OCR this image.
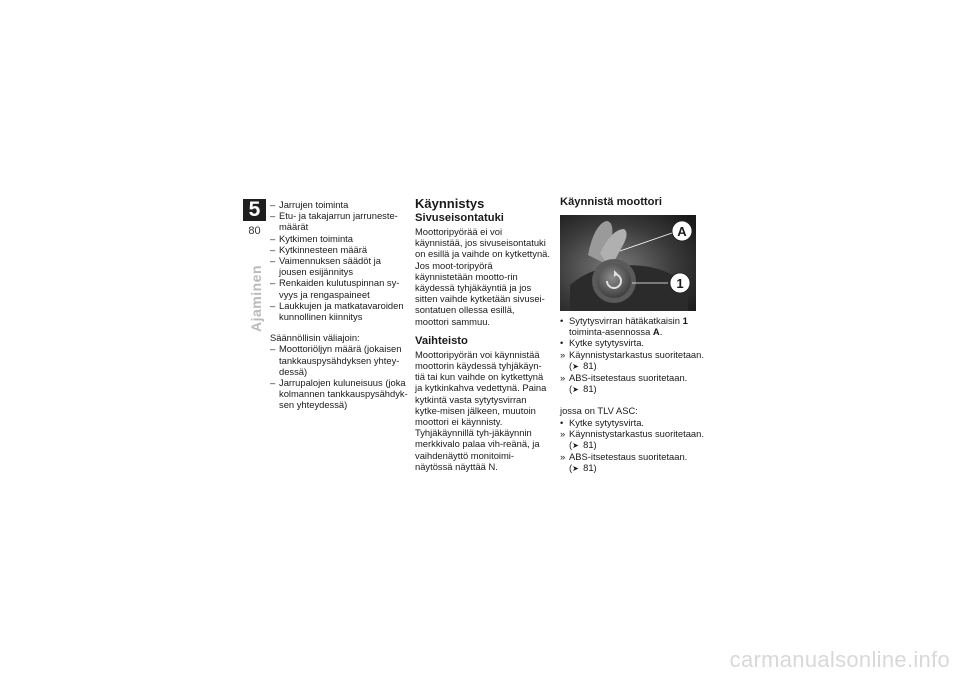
5
80
Ajaminen
– Jarrujen toiminta
– Etu- ja takajarrun jarruneste-määrät
– Kytkimen toiminta
– Kytkinnesteen määrä
– Vaimennuksen säädöt ja jousen esijännitys
– Renkaiden kulutuspinnan sy-vyys ja rengaspaineet
– Laukkujen ja matkatavaroiden kunnollinen kiinnitys

Säännöllisin väliajoin:

– Moottoriöljyn määrä (jokaisen tankkauspysähdyksen yhtey-dessä)
– Jarrupalojen kuluneisuus (joka kolmannen tankkauspysähdyk-sen yhteydessä)
Käynnistys
Sivuseisontatuki

Moottoripyörää ei voi käynnistää, jos sivuseisontatuki on esillä ja vaihde on kytkettynä. Jos moot-toripyörä käynnistetään mootto-rin käydessä tyhjäkäyntiä ja jos sitten vaihde kytketään sivusei-sontatuen ollessa esillä, moottori sammuu.

Vaihteisto

Moottoripyörän voi käynnistää moottorin käydessä tyhjäkäyn-tiä tai kun vaihde on kytkettynä ja kytkinkahva vedettynä. Paina kytkintä vasta sytytysvirran kytke-misen jälkeen, muutoin moottori ei käynnisty. Tyhjäkäynnillä tyh-jäkäynnin merkkivalo palaa vih-reänä, ja vaihdenäyttö monitoimi-näytössä näyttää N.

Käynnistä moottori
A
1
• Sytytysvirran hätäkatkaisin 1 toiminta-asennossa A.
• Kytke sytytysvirta.
» Käynnistystarkastus suoritetaan.
(➤ 81)
» ABS-itsetestaus suoritetaan.
(➤ 81)

jossa on TLV ASC:

• Kytke sytytysvirta.
» Käynnistystarkastus suoritetaan.
(➤ 81)
» ABS-itsetestaus suoritetaan.
(➤ 81)
carmanualsonline.info
